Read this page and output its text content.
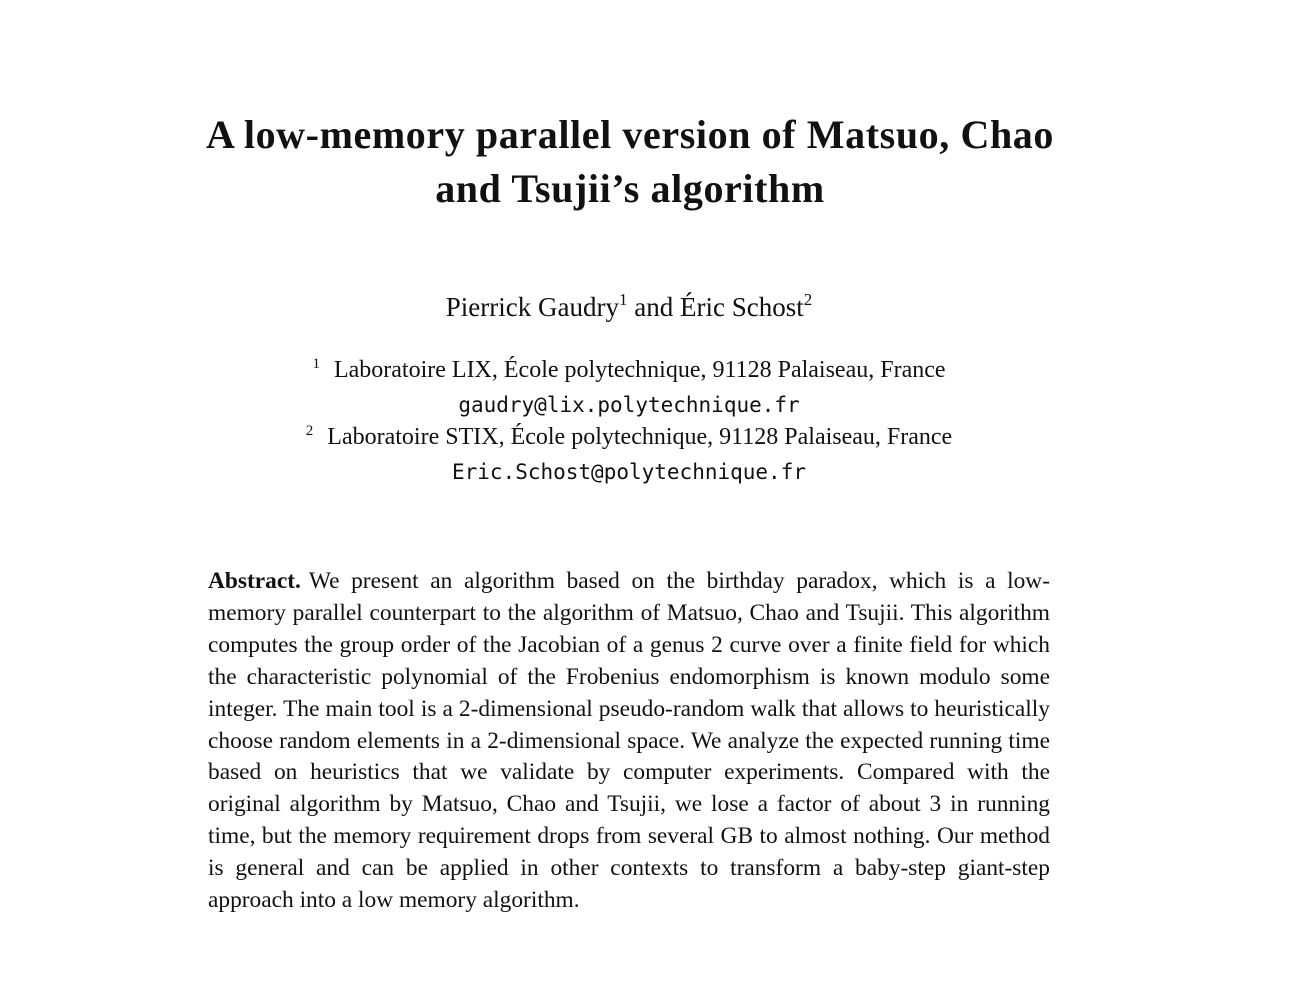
A low-memory parallel version of Matsuo, Chao
and Tsujii’s algorithm
Pierrick Gaudry$^1$ and Éric Schost$^2$
$^1$ Laboratoire LIX, École polytechnique, 91128 Palaiseau, France
gaudry@lix.polytechnique.fr
$^2$ Laboratoire STIX, École polytechnique, 91128 Palaiseau, France
Eric.Schost@polytechnique.fr
Abstract. We present an algorithm based on the birthday paradox, which is a low-memory parallel counterpart to the algorithm of Matsuo, Chao and Tsujii. This algorithm computes the group order of the Jacobian of a genus 2 curve over a finite field for which the characteristic polynomial of the Frobenius endomorphism is known modulo some integer. The main tool is a 2-dimensional pseudo-random walk that allows to heuristically choose random elements in a 2-dimensional space. We analyze the expected running time based on heuristics that we validate by computer experiments. Compared with the original algorithm by Matsuo, Chao and Tsujii, we lose a factor of about 3 in running time, but the memory requirement drops from several GB to almost nothing. Our method is general and can be applied in other contexts to transform a baby-step giant-step approach into a low memory algorithm.
